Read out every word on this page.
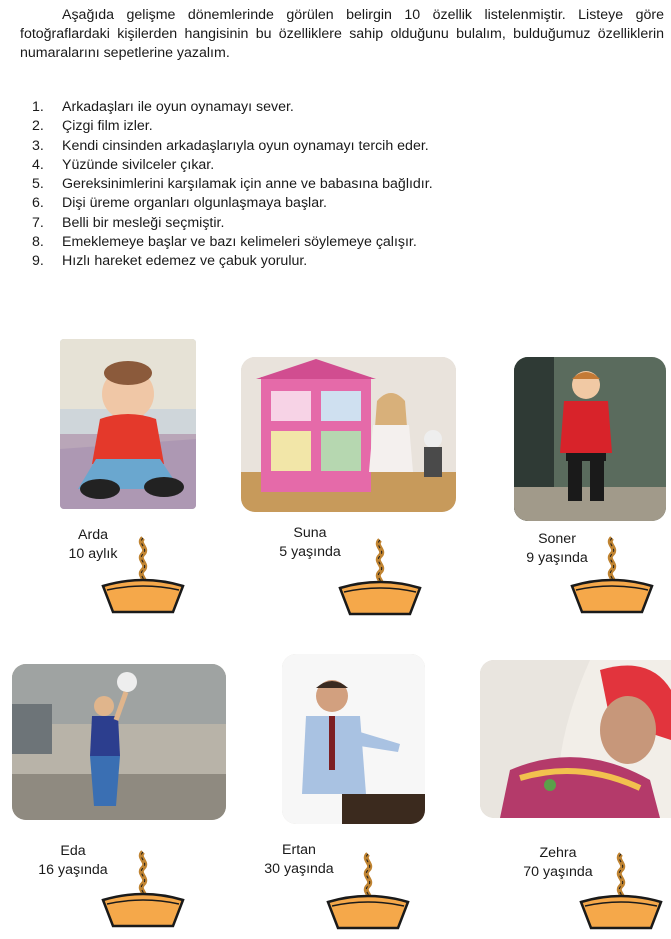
Aşağıda gelişme dönemlerinde görülen belirgin 10 özellik listelenmiştir. Listeye göre fotoğraflardaki kişilerden hangisinin bu özelliklere sahip olduğunu bulalım, bulduğumuz özelliklerin numaralarını sepetlerine yazalım.

1. Arkadaşları ile oyun oynamayı sever.
2. Çizgi film izler.
3. Kendi cinsinden arkadaşlarıyla oyun oynamayı tercih eder.
4. Yüzünde sivilceler çıkar.
5. Gereksinimlerini karşılamak için anne ve babasına bağlıdır.
6. Dişi üreme organları olgunlaşmaya başlar.
7. Belli bir mesleği seçmiştir.
8. Emeklemeye başlar ve bazı kelimeleri söylemeye çalışır.
9. Hızlı hareket edemez ve çabuk yorulur.
Arda
10 aylık
Suna
5 yaşında
Soner
9 yaşında
Eda
16 yaşında
Ertan
30 yaşında
Zehra
70 yaşında
